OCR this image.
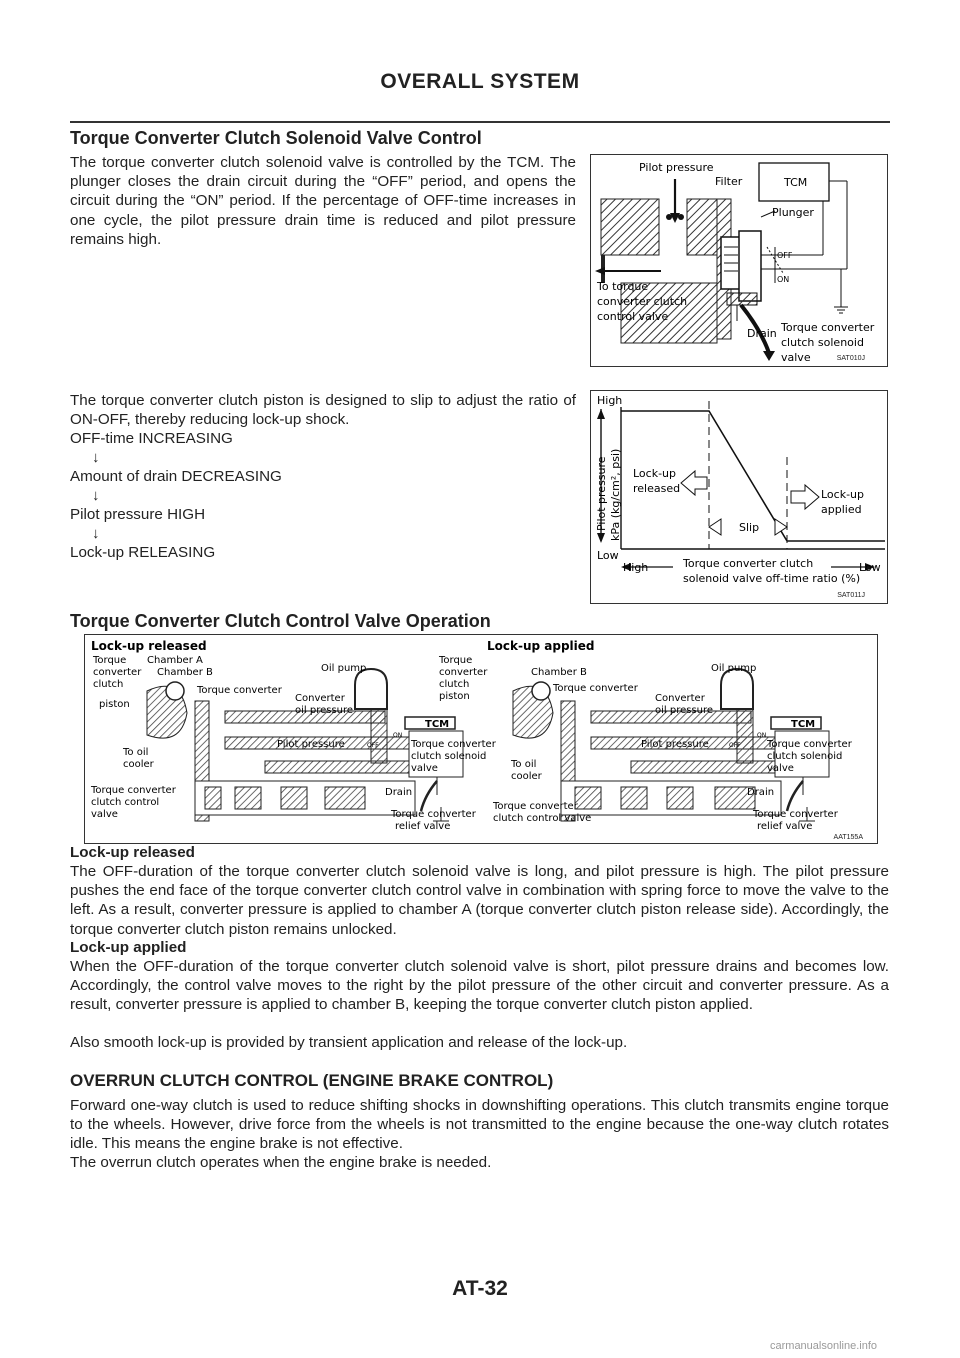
OVERALL SYSTEM
Torque Converter Clutch Solenoid Valve Control

The torque converter clutch solenoid valve is controlled by the TCM. The plunger closes the drain circuit during the “OFF” period, and opens the circuit during the “ON” period. If the percentage of OFF-time increases in one cycle, the pilot pressure drain time is reduced and pilot pressure remains high.

Pilot pressure
Filter	TCM
Plunger
OFF
ON
To torque
converter clutch
control valve
Drain Torque converter
clutch solenoid
valve	SAT010J

The torque converter clutch piston is designed to slip to adjust the ratio of ON-OFF, thereby reducing lock-up shock.

OFF-time INCREASING

↓

Amount of drain DECREASING

↓

Pilot pressure HIGH

↓

Lock-up RELEASING

High
Low
Pilot pressure kPa (kg/cm², psi) Lock-up
released	Lock-up
applied
Slip
High	Low
Torque converter clutch
solenoid valve off-time ratio (%)
SAT011J
Torque Converter Clutch Control Valve Operation
Lock-up released	Lock-up applied
Torque
converter
clutch
piston
Chamber A
Chamber B
Torque converter
Oil pump
Converter
oil pressure
TCM
Pilot pressure	OFF
ON
Torque converter
clutch solenoid
valve
To oil
cooler
Torque converter
clutch control
valve
Drain
Torque converter
relief valve
Torque
converter
clutch
piston
Chamber B
Torque converter
Oil pump
Converter
oil pressure
TCM
Pilot pressure	OFF
ON
Torque converter
clutch solenoid
valve
To oil
cooler
Torque converter
clutch control valve
Drain
Torque converter
relief valve
AAT155A

Lock-up released

The OFF-duration of the torque converter clutch solenoid valve is long, and pilot pressure is high. The pilot pressure pushes the end face of the torque converter clutch control valve in combination with spring force to move the valve to the left. As a result, converter pressure is applied to chamber A (torque converter clutch piston release side). Accordingly, the torque converter clutch piston remains unlocked.

Lock-up applied

When the OFF-duration of the torque converter clutch solenoid valve is short, pilot pressure drains and becomes low. Accordingly, the control valve moves to the right by the pilot pressure of the other circuit and converter pressure. As a result, converter pressure is applied to chamber B, keeping the torque converter clutch piston applied.

Also smooth lock-up is provided by transient application and release of the lock-up.

OVERRUN CLUTCH CONTROL (ENGINE BRAKE CONTROL)

Forward one-way clutch is used to reduce shifting shocks in downshifting operations. This clutch transmits engine torque to the wheels. However, drive force from the wheels is not transmitted to the engine because the one-way clutch rotates idle. This means the engine brake is not effective.

The overrun clutch operates when the engine brake is needed.

AT-32
carmanualsonline.info
